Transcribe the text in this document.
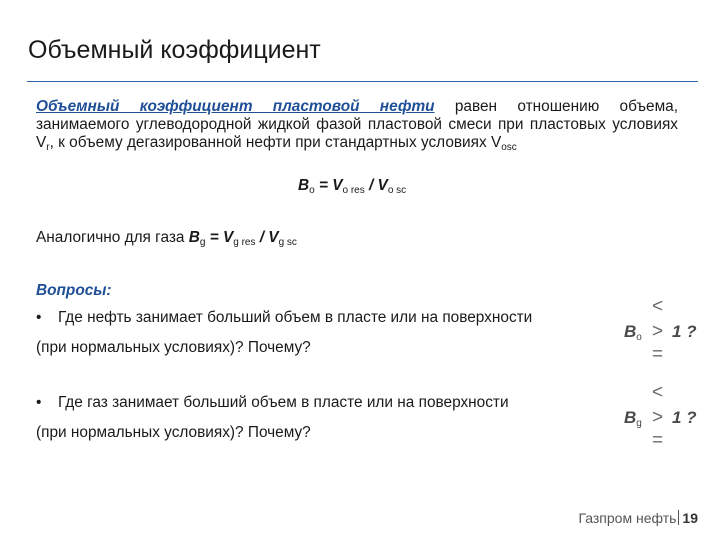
Объемный коэффициент
Объемный коэффициент пластовой нефти равен отношению объема, занимаемого углеводородной жидкой фазой пластовой смеси при пластовых условиях $V_r$, к объему дегазированной нефти при стандартных условиях $V_{osc}$
$B_o = V_{o res} / V_{o sc}$
Аналогично для газа $B_g = V_{g res} / V_{g sc}$
Вопросы:
• Где нефть занимает больший объем в пласте или на поверхности
(при нормальных условиях)? Почему?
$B_o$
<
>
=
1 ?
• Где газ занимает больший объем в пласте или на поверхности
(при нормальных условиях)? Почему?
$B_g$
<
>
=
1 ?
Газпром нефть 19
